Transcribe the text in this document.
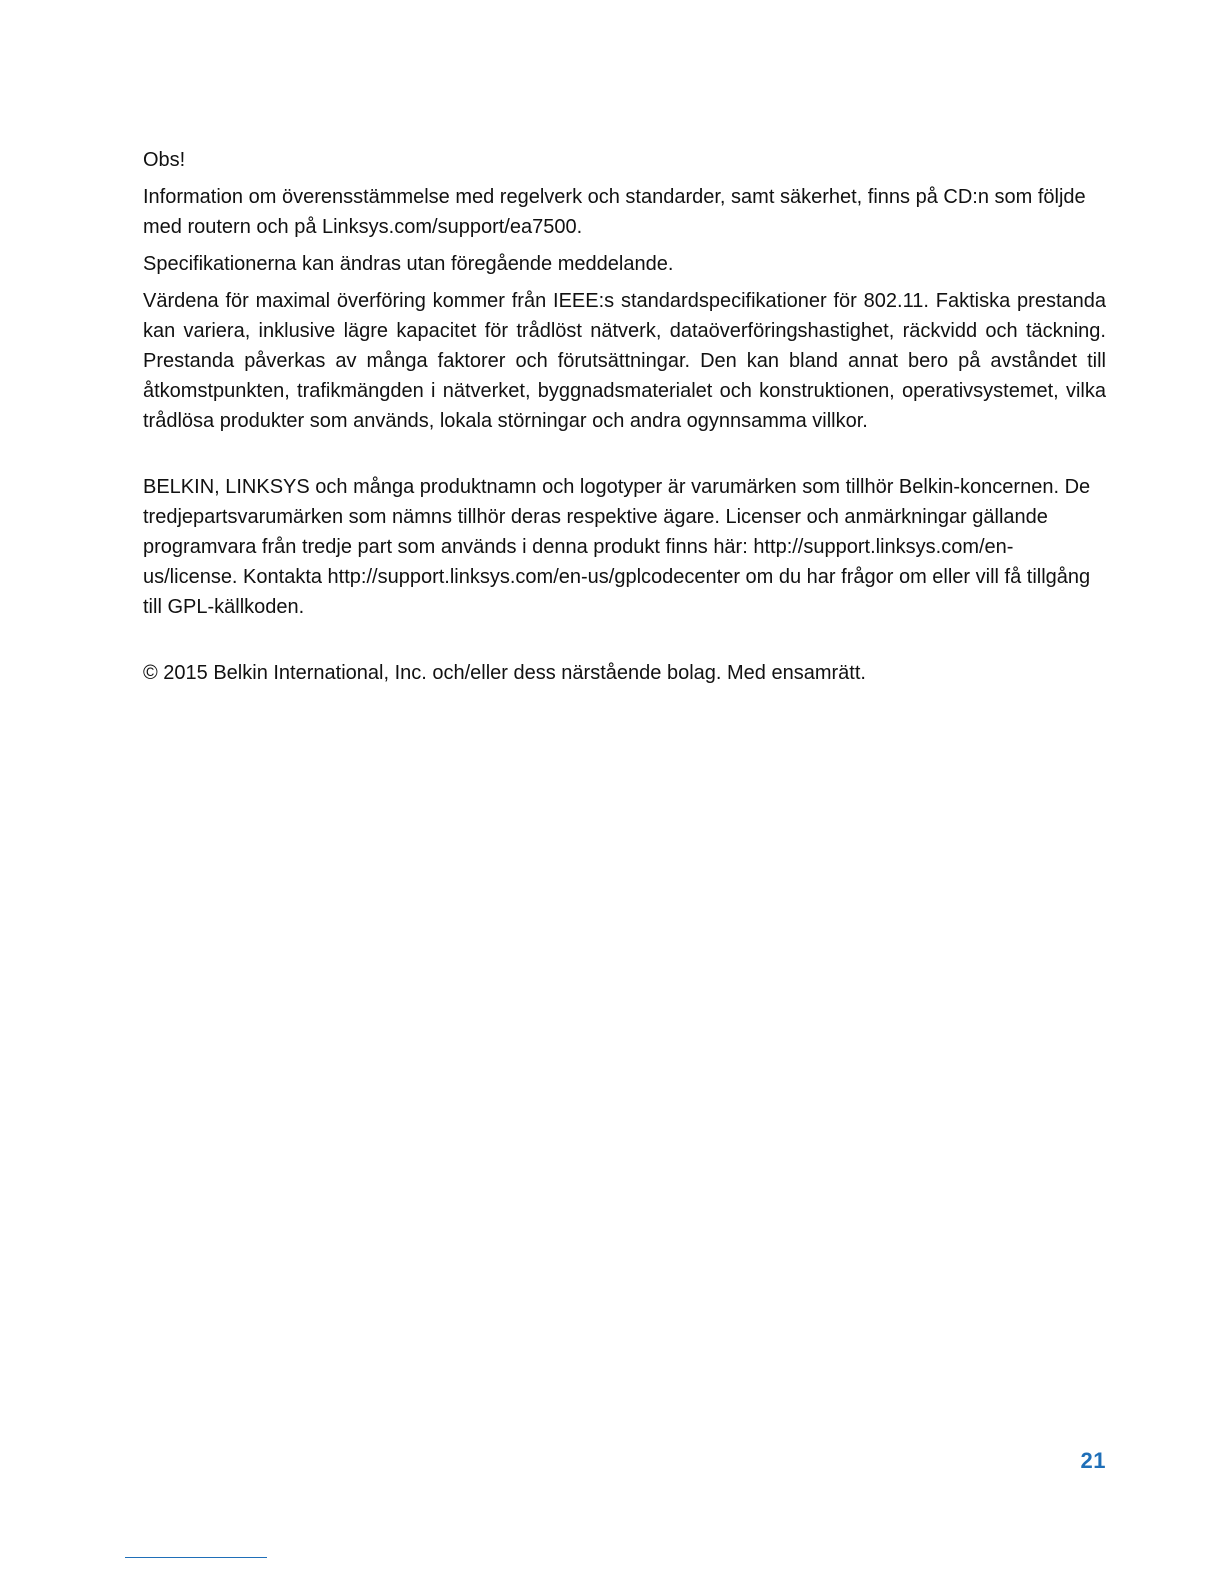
Obs!

Information om överensstämmelse med regelverk och standarder, samt säkerhet, finns på CD:n som följde med routern och på Linksys.com/support/ea7500.

Specifikationerna kan ändras utan föregående meddelande.

Värdena för maximal överföring kommer från IEEE:s standardspecifikationer för 802.11. Faktiska prestanda kan variera, inklusive lägre kapacitet för trådlöst nätverk, dataöverföringshastighet, räckvidd och täckning. Prestanda påverkas av många faktorer och förutsättningar. Den kan bland annat bero på avståndet till åtkomstpunkten, trafikmängden i nätverket, byggnadsmaterialet och konstruktionen, operativsystemet, vilka trådlösa produkter som används, lokala störningar och andra ogynnsamma villkor.

BELKIN, LINKSYS och många produktnamn och logotyper är varumärken som tillhör Belkin-koncernen. De tredjepartsvarumärken som nämns tillhör deras respektive ägare. Licenser och anmärkningar gällande programvara från tredje part som används i denna produkt finns här: http://support.linksys.com/en-us/license. Kontakta http://support.linksys.com/en-us/gplcodecenter om du har frågor om eller vill få tillgång till GPL-källkoden.

© 2015 Belkin International, Inc. och/eller dess närstående bolag. Med ensamrätt.

21
